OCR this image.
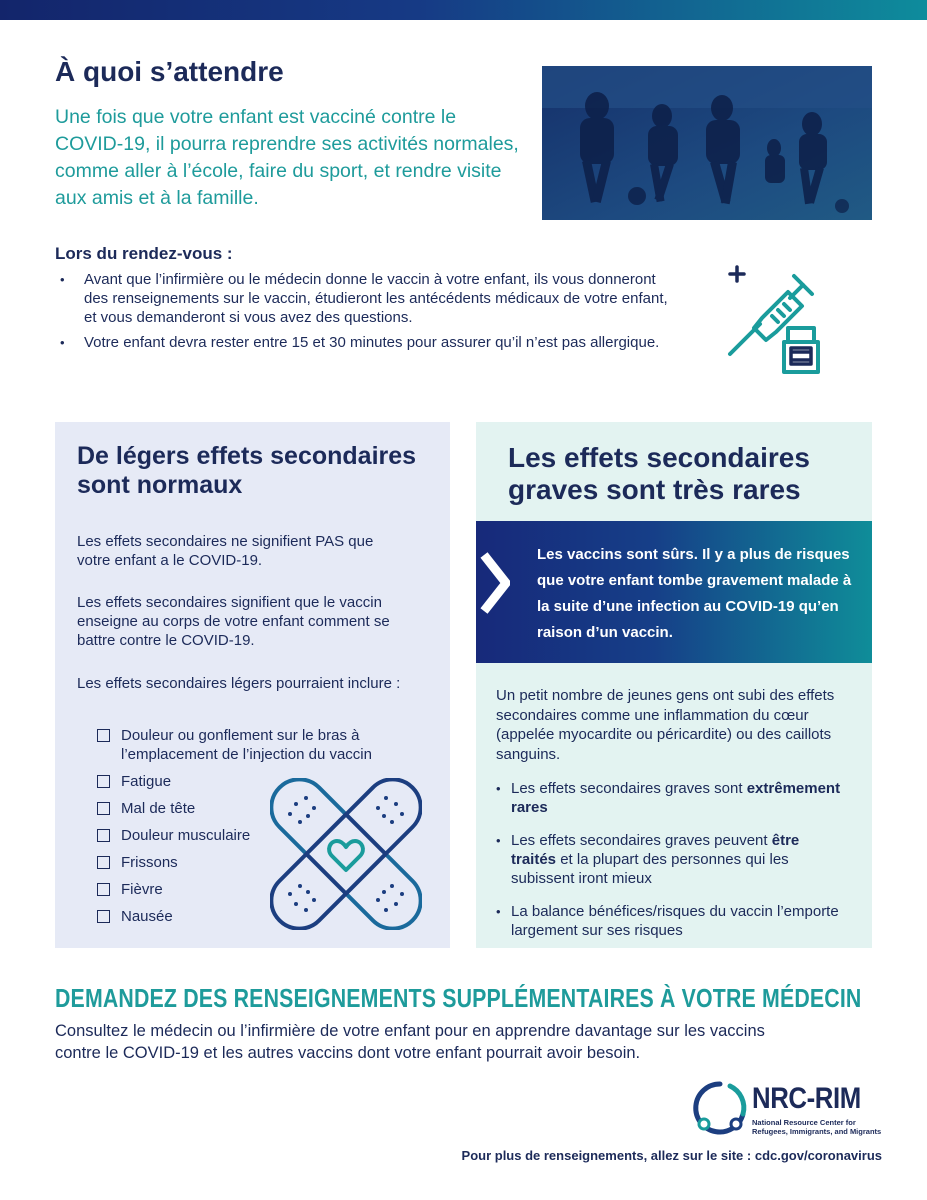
À quoi s’attendre

Une fois que votre enfant est vacciné contre le COVID-19, il pourra reprendre ses activités normales, comme aller à l’école, faire du sport, et rendre visite aux amis et à la famille.

Lors du rendez-vous :
• Avant que l’infirmière ou le médecin donne le vaccin à votre enfant, ils vous donneront des renseignements sur le vaccin, étudieront les antécédents médicaux de votre enfant, et vous demanderont si vous avez des questions.
• Votre enfant devra rester entre 15 et 30 minutes pour assurer qu’il n’est pas allergique.
De légers effets secondaires sont normaux

Les effets secondaires ne signifient PAS que votre enfant a le COVID-19.

Les effets secondaires signifient que le vaccin enseigne au corps de votre enfant comment se battre contre le COVID-19.

Les effets secondaires légers pourraient inclure :

Douleur ou gonflement sur le bras à l’emplacement de l’injection du vaccin
Fatigue
Mal de tête
Douleur musculaire
Frissons
Fièvre
Nausée
Les effets secondaires graves sont très rares

Les vaccins sont sûrs. Il y a plus de risques que votre enfant tombe gravement malade à la suite d’une infection au COVID-19 qu’en raison d’un vaccin.

Un petit nombre de jeunes gens ont subi des effets secondaires comme une inflammation du cœur (appelée myocardite ou péricardite) ou des caillots sanguins.

• Les effets secondaires graves sont extrêmement rares
• Les effets secondaires graves peuvent être traités et la plupart des personnes qui les subissent iront mieux
• La balance bénéfices/risques du vaccin l’emporte largement sur ses risques
DEMANDEZ DES RENSEIGNEMENTS SUPPLÉMENTAIRES À VOTRE MÉDECIN

Consultez le médecin ou l’infirmière de votre enfant pour en apprendre davantage sur les vaccins contre le COVID-19 et les autres vaccins dont votre enfant pourrait avoir besoin.

NRC-RIM

National Resource Center for
Refugees, Immigrants, and Migrants

Pour plus de renseignements, allez sur le site : cdc.gov/coronavirus
